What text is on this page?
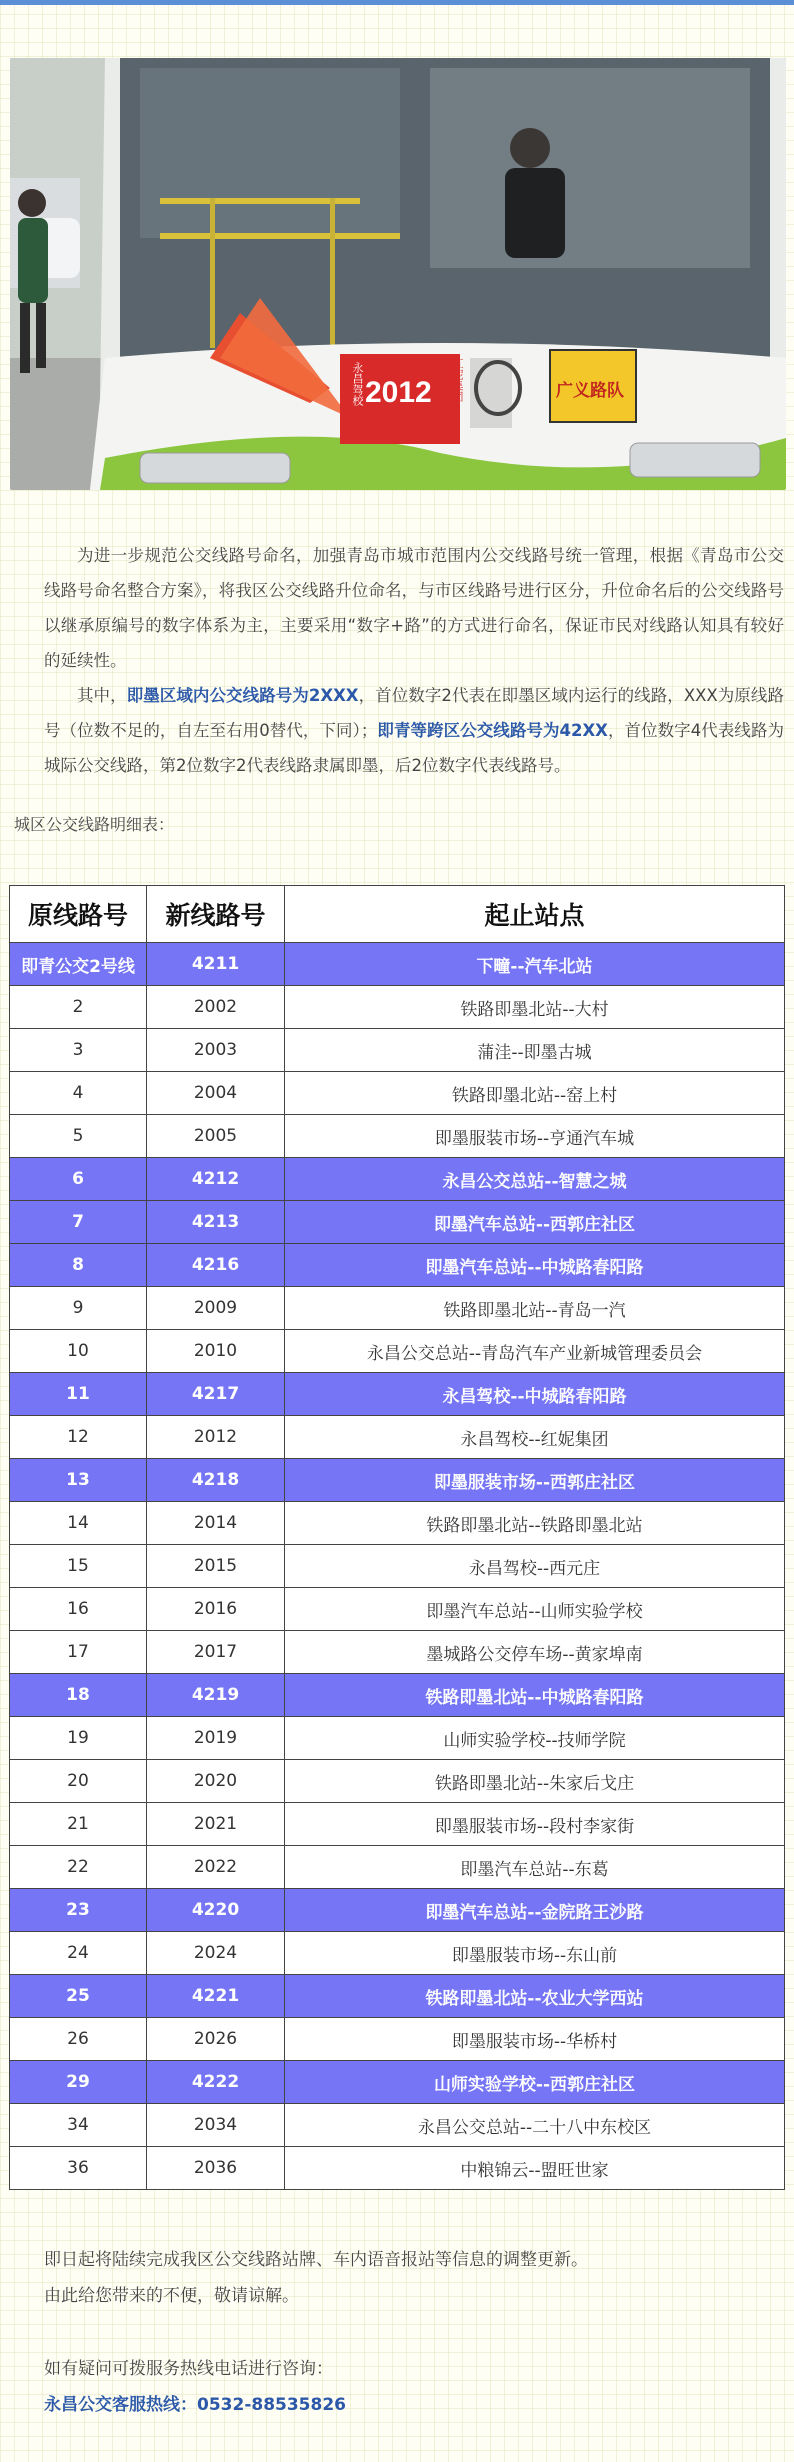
永昌驾校 2012 红妮集团	广义路队

为进一步规范公交线路号命名，加强青岛市城市范围内公交线路号统一管理，根据《青岛市公交线路号命名整合方案》，将我区公交线路升位命名，与市区线路号进行区分，升位命名后的公交线路号以继承原编号的数字体系为主，主要采用“数字+路”的方式进行命名，保证市民对线路认知具有较好的延续性。

其中，即墨区域内公交线路号为2XXX，首位数字2代表在即墨区域内运行的线路，XXX为原线路号（位数不足的，自左至右用0替代，下同）；即青等跨区公交线路号为42XX，首位数字4代表线路为城际公交线路，第2位数字2代表线路隶属即墨，后2位数字代表线路号。

城区公交线路明细表：
原线路号	新线路号	起止站点
即青公交2号线	4211	下疃--汽车北站
2	2002	铁路即墨北站--大村
3	2003	蒲洼--即墨古城
4	2004	铁路即墨北站--窑上村
5	2005	即墨服装市场--亨通汽车城
6	4212	永昌公交总站--智慧之城
7	4213	即墨汽车总站--西郭庄社区
8	4216	即墨汽车总站--中城路春阳路
9	2009	铁路即墨北站--青岛一汽
10	2010	永昌公交总站--青岛汽车产业新城管理委员会
11	4217	永昌驾校--中城路春阳路
12	2012	永昌驾校--红妮集团
13	4218	即墨服装市场--西郭庄社区
14	2014	铁路即墨北站--铁路即墨北站
15	2015	永昌驾校--西元庄
16	2016	即墨汽车总站--山师实验学校
17	2017	墨城路公交停车场--黄家埠南
18	4219	铁路即墨北站--中城路春阳路
19	2019	山师实验学校--技师学院
20	2020	铁路即墨北站--朱家后戈庄
21	2021	即墨服装市场--段村李家街
22	2022	即墨汽车总站--东葛
23	4220	即墨汽车总站--金院路王沙路
24	2024	即墨服装市场--东山前
25	4221	铁路即墨北站--农业大学西站
26	2026	即墨服装市场--华桥村
29	4222	山师实验学校--西郭庄社区
34	2034	永昌公交总站--二十八中东校区
36	2036	中粮锦云--盟旺世家

即日起将陆续完成我区公交线路站牌、车内语音报站等信息的调整更新。

由此给您带来的不便，敬请谅解。

如有疑问可拨服务热线电话进行咨询：

永昌公交客服热线：0532-88535826
